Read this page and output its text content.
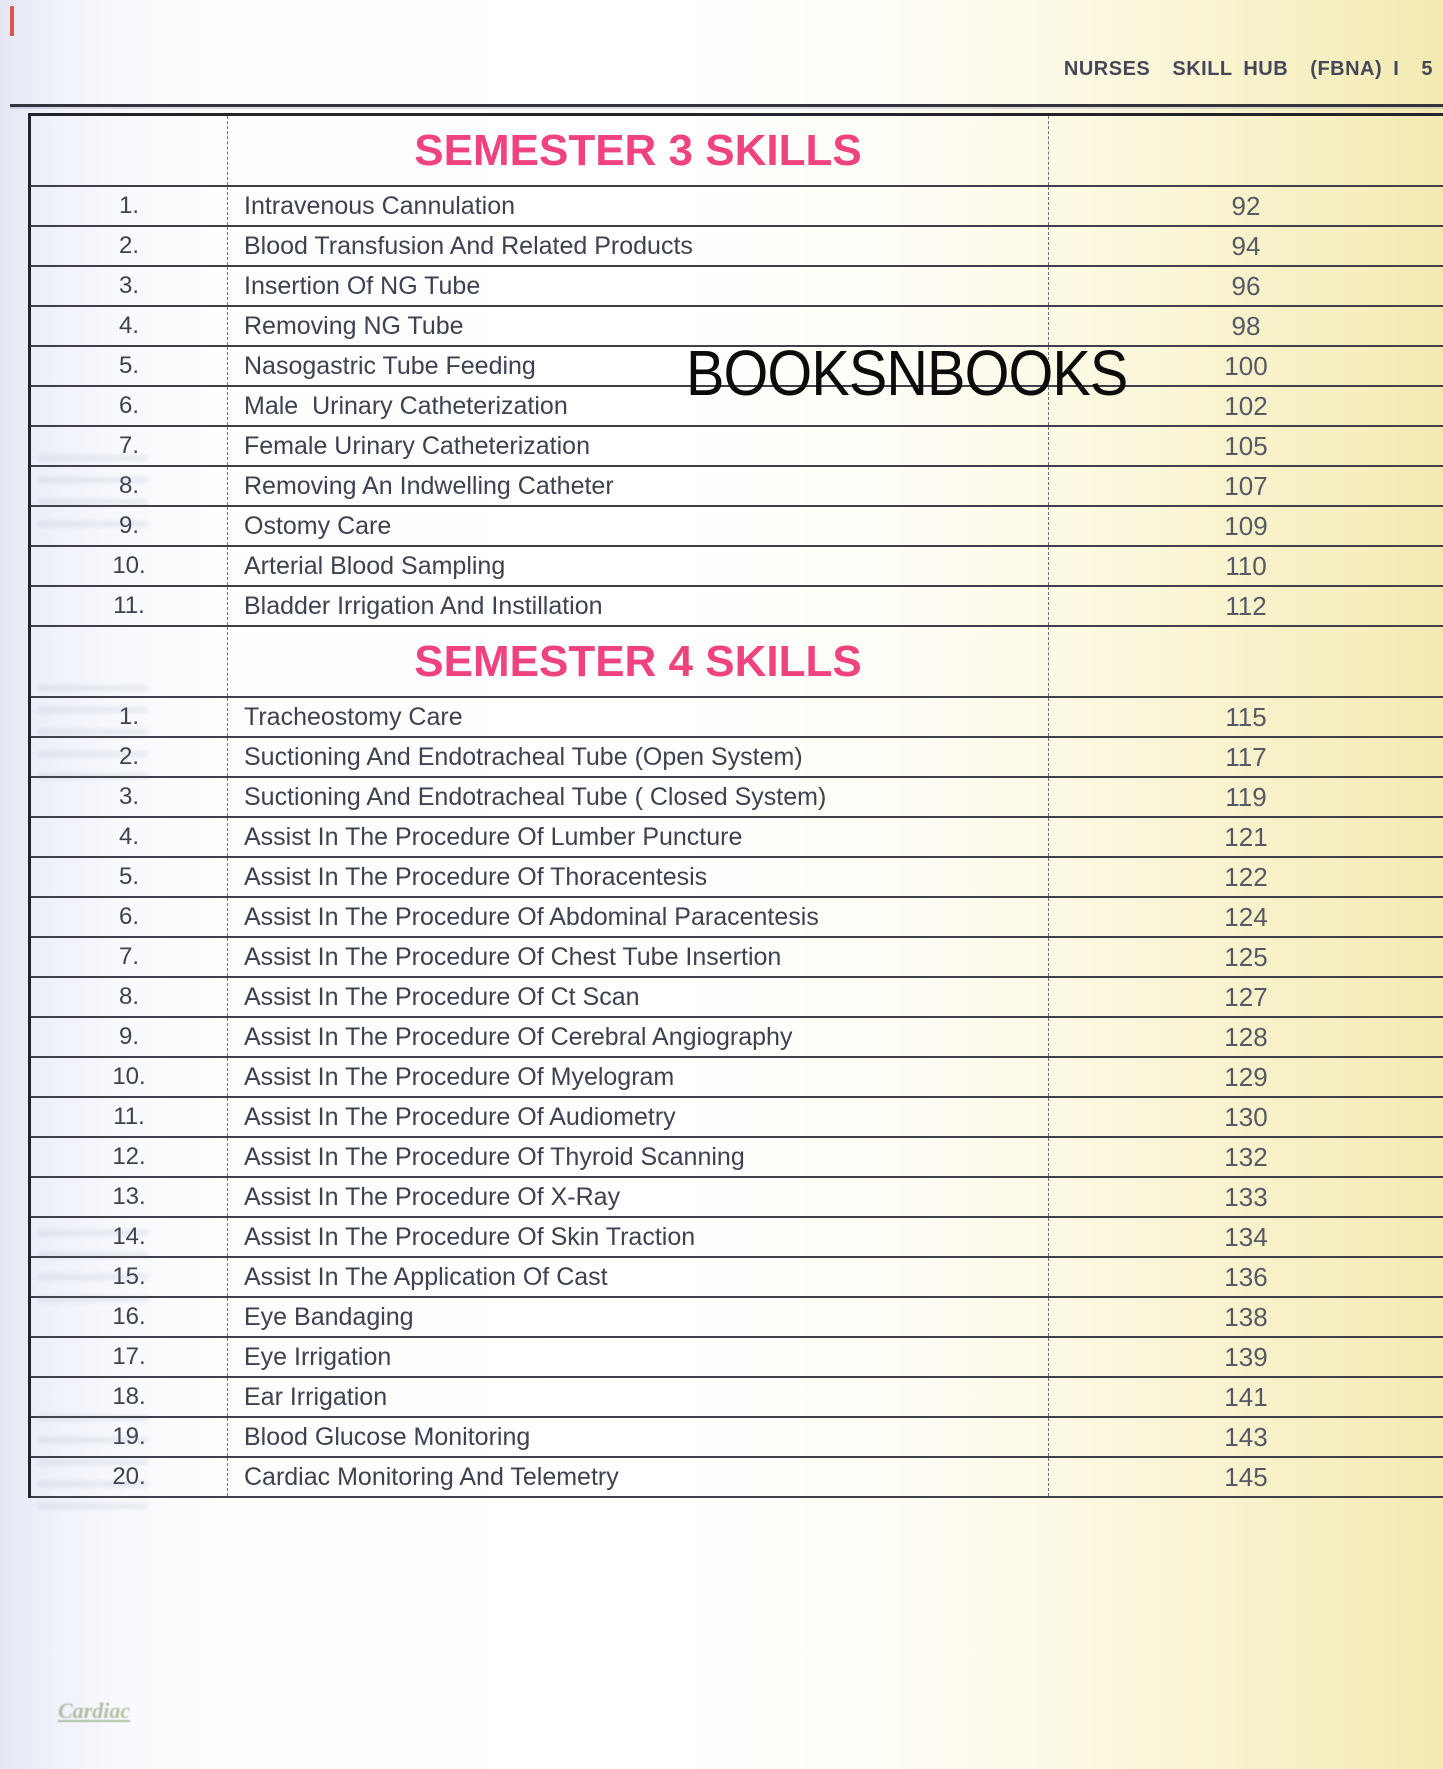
NURSES  SKILL HUB  (FBNA) I  5
SEMESTER 3 SKILLS
1.	Intravenous Cannulation	92
2.	Blood Transfusion And Related Products	94
3.	Insertion Of NG Tube	96
4.	Removing NG Tube	98
5.	Nasogastric Tube Feeding	100
6.	Male  Urinary Catheterization	102
7.	Female Urinary Catheterization	105
8.	Removing An Indwelling Catheter	107
9.	Ostomy Care	109
10.	Arterial Blood Sampling	110
11.	Bladder Irrigation And Instillation	112
SEMESTER 4 SKILLS
1.	Tracheostomy Care	115
2.	Suctioning And Endotracheal Tube (Open System)	117
3.	Suctioning And Endotracheal Tube ( Closed System)	119
4.	Assist In The Procedure Of Lumber Puncture	121
5.	Assist In The Procedure Of Thoracentesis	122
6.	Assist In The Procedure Of Abdominal Paracentesis	124
7.	Assist In The Procedure Of Chest Tube Insertion	125
8.	Assist In The Procedure Of Ct Scan	127
9.	Assist In The Procedure Of Cerebral Angiography	128
10.	Assist In The Procedure Of Myelogram	129
11.	Assist In The Procedure Of Audiometry	130
12.	Assist In The Procedure Of Thyroid Scanning	132
13.	Assist In The Procedure Of X-Ray	133
14.	Assist In The Procedure Of Skin Traction	134
15.	Assist In The Application Of Cast	136
16.	Eye Bandaging	138
17.	Eye Irrigation	139
18.	Ear Irrigation	141
19.	Blood Glucose Monitoring	143
20.	Cardiac Monitoring And Telemetry	145
BOOKSNBOOKS
Cardiac
